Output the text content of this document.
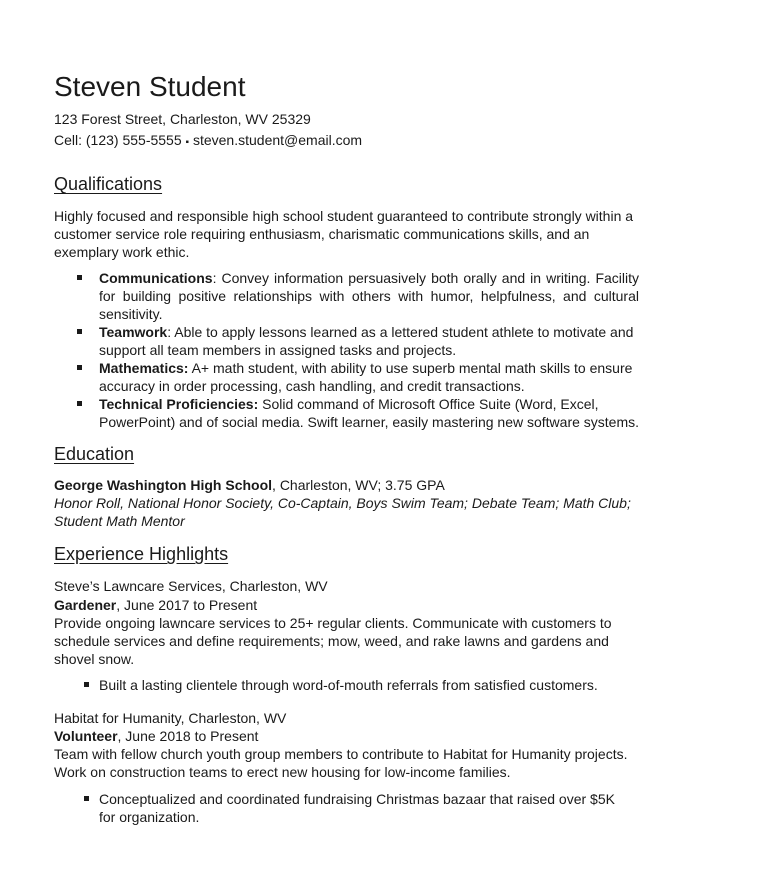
Steven Student
123 Forest Street, Charleston, WV 25329
Cell: (123) 555-5555 ▪ steven.student@email.com
Qualifications
Highly focused and responsible high school student guaranteed to contribute strongly within a customer service role requiring enthusiasm, charismatic communications skills, and an exemplary work ethic.
Communications: Convey information persuasively both orally and in writing. Facility for building positive relationships with others with humor, helpfulness, and cultural sensitivity.
Teamwork: Able to apply lessons learned as a lettered student athlete to motivate and support all team members in assigned tasks and projects.
Mathematics: A+ math student, with ability to use superb mental math skills to ensure accuracy in order processing, cash handling, and credit transactions.
Technical Proficiencies: Solid command of Microsoft Office Suite (Word, Excel, PowerPoint) and of social media. Swift learner, easily mastering new software systems.
Education
George Washington High School, Charleston, WV; 3.75 GPA
Honor Roll, National Honor Society, Co-Captain, Boys Swim Team; Debate Team; Math Club; Student Math Mentor
Experience Highlights
Steve’s Lawncare Services, Charleston, WV
Gardener, June 2017 to Present
Provide ongoing lawncare services to 25+ regular clients. Communicate with customers to schedule services and define requirements; mow, weed, and rake lawns and gardens and shovel snow.
Built a lasting clientele through word-of-mouth referrals from satisfied customers.
Habitat for Humanity, Charleston, WV
Volunteer, June 2018 to Present
Team with fellow church youth group members to contribute to Habitat for Humanity projects. Work on construction teams to erect new housing for low-income families.
Conceptualized and coordinated fundraising Christmas bazaar that raised over $5K for organization.
